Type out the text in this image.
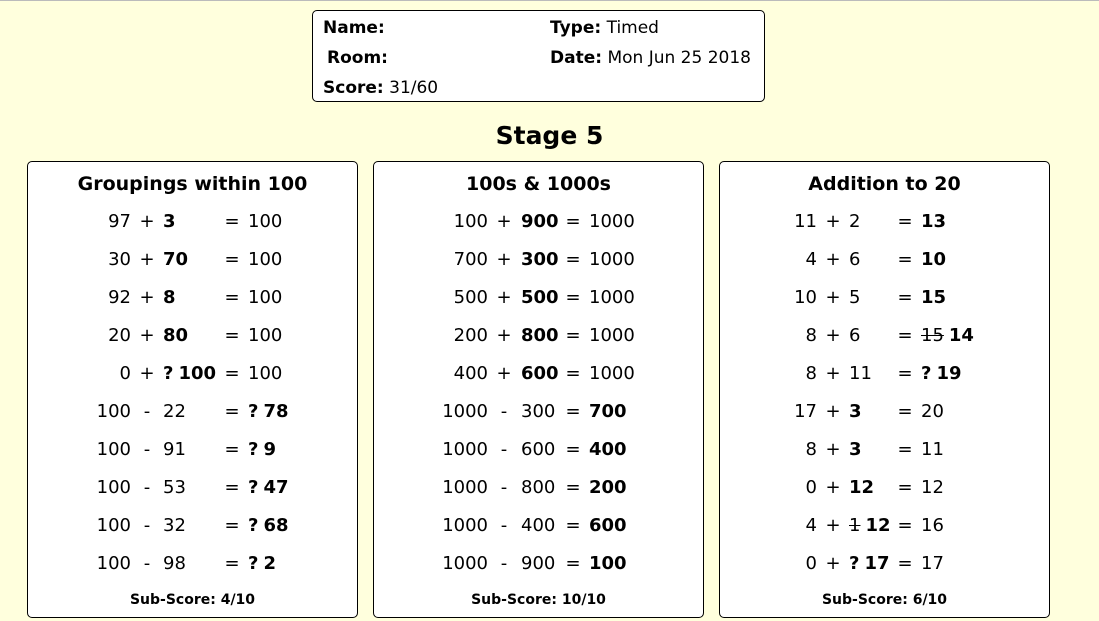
Name:
Room:
Score: 31/60
Type: Timed
Date: Mon Jun 25 2018
Stage 5
Groupings within 100
97 + 3	= 100
30 + 70 = 100
92 + 8	= 100
20 + 80 = 100
0 + ? 100 = 100
100 - 22 = ? 78
100 - 91 = ? 9
100 - 53 = ? 47
100 - 32 = ? 68
100 - 98 = ? 2
Sub-Score: 4/10
100s & 1000s
100 + 900 = 1000
700 + 300 = 1000
500 + 500 = 1000
200 + 800 = 1000
400 + 600 = 1000
1000 - 300 = 700
1000 - 600 = 400
1000 - 800 = 200
1000 - 400 = 600
1000 - 900 = 100
Sub-Score: 10/10
Addition to 20
11 + 2 = 13
4 + 6 = 10
10 + 5 = 15
8 + 6 = 15 14
8 + 11 = ? 19
17 + 3 = 20
8 + 3 = 11
0 + 12 = 12
4 + 1 12 = 16
0 + ? 17 = 17
Sub-Score: 6/10
